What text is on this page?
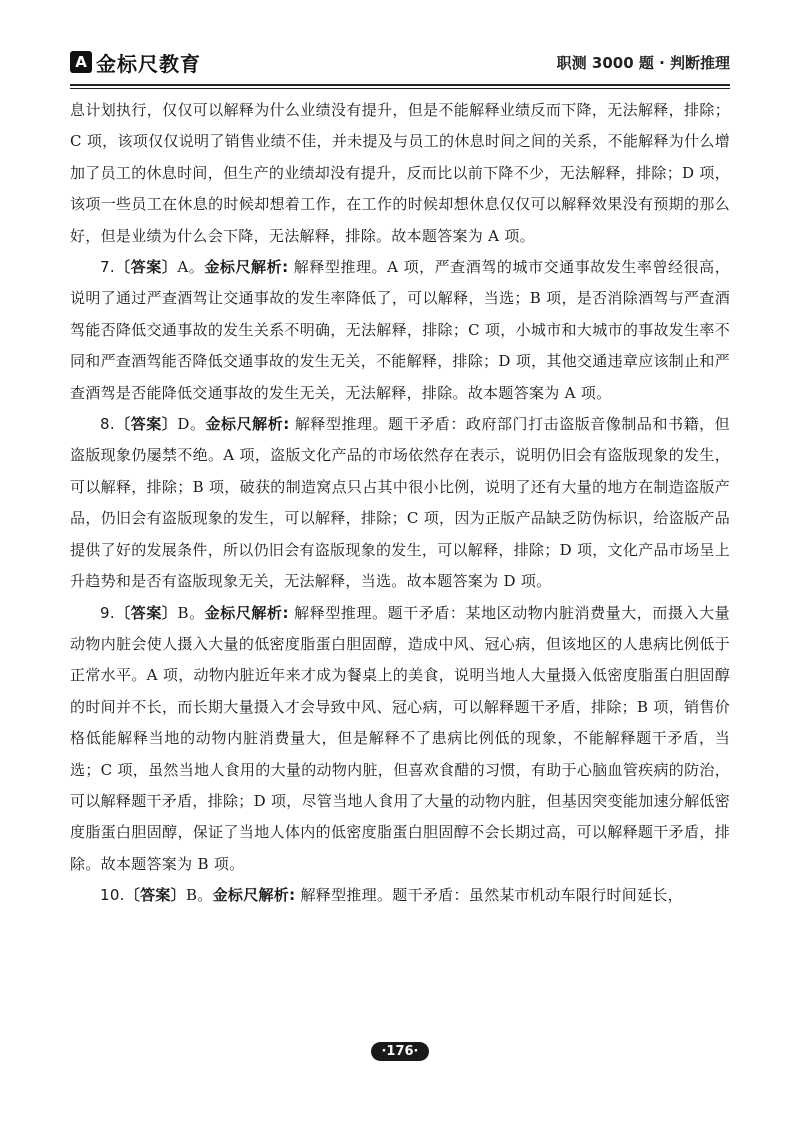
A 金标尺教育	职测 3000 题 · 判断推理

息计划执行，仅仅可以解释为什么业绩没有提升，但是不能解释业绩反而下降，无法解释，排除；C 项，该项仅仅说明了销售业绩不佳，并未提及与员工的休息时间之间的关系，不能解释为什么增加了员工的休息时间，但生产的业绩却没有提升，反而比以前下降不少，无法解释，排除；D 项，该项一些员工在休息的时候却想着工作，在工作的时候却想休息仅仅可以解释效果没有预期的那么好，但是业绩为什么会下降，无法解释，排除。故本题答案为 A 项。

7.〔答案〕A。金标尺解析: 解释型推理。A 项，严查酒驾的城市交通事故发生率曾经很高，说明了通过严查酒驾让交通事故的发生率降低了，可以解释，当选；B 项，是否消除酒驾与严查酒驾能否降低交通事故的发生关系不明确，无法解释，排除；C 项，小城市和大城市的事故发生率不同和严查酒驾能否降低交通事故的发生无关，不能解释，排除；D 项，其他交通违章应该制止和严查酒驾是否能降低交通事故的发生无关，无法解释，排除。故本题答案为 A 项。

8.〔答案〕D。金标尺解析: 解释型推理。题干矛盾：政府部门打击盗版音像制品和书籍，但盗版现象仍屡禁不绝。A 项，盗版文化产品的市场依然存在表示，说明仍旧会有盗版现象的发生，可以解释，排除；B 项，破获的制造窝点只占其中很小比例，说明了还有大量的地方在制造盗版产品，仍旧会有盗版现象的发生，可以解释，排除；C 项，因为正版产品缺乏防伪标识，给盗版产品提供了好的发展条件，所以仍旧会有盗版现象的发生，可以解释，排除；D 项，文化产品市场呈上升趋势和是否有盗版现象无关，无法解释，当选。故本题答案为 D 项。

9.〔答案〕B。金标尺解析: 解释型推理。题干矛盾：某地区动物内脏消费量大，而摄入大量动物内脏会使人摄入大量的低密度脂蛋白胆固醇，造成中风、冠心病，但该地区的人患病比例低于正常水平。A 项，动物内脏近年来才成为餐桌上的美食，说明当地人大量摄入低密度脂蛋白胆固醇的时间并不长，而长期大量摄入才会导致中风、冠心病，可以解释题干矛盾，排除；B 项，销售价格低能解释当地的动物内脏消费量大，但是解释不了患病比例低的现象，不能解释题干矛盾，当选；C 项，虽然当地人食用的大量的动物内脏，但喜欢食醋的习惯，有助于心脑血管疾病的防治，可以解释题干矛盾，排除；D 项，尽管当地人食用了大量的动物内脏，但基因突变能加速分解低密度脂蛋白胆固醇，保证了当地人体内的低密度脂蛋白胆固醇不会长期过高，可以解释题干矛盾，排除。故本题答案为 B 项。

10.〔答案〕B。金标尺解析: 解释型推理。题干矛盾：虽然某市机动车限行时间延长，

·176·
